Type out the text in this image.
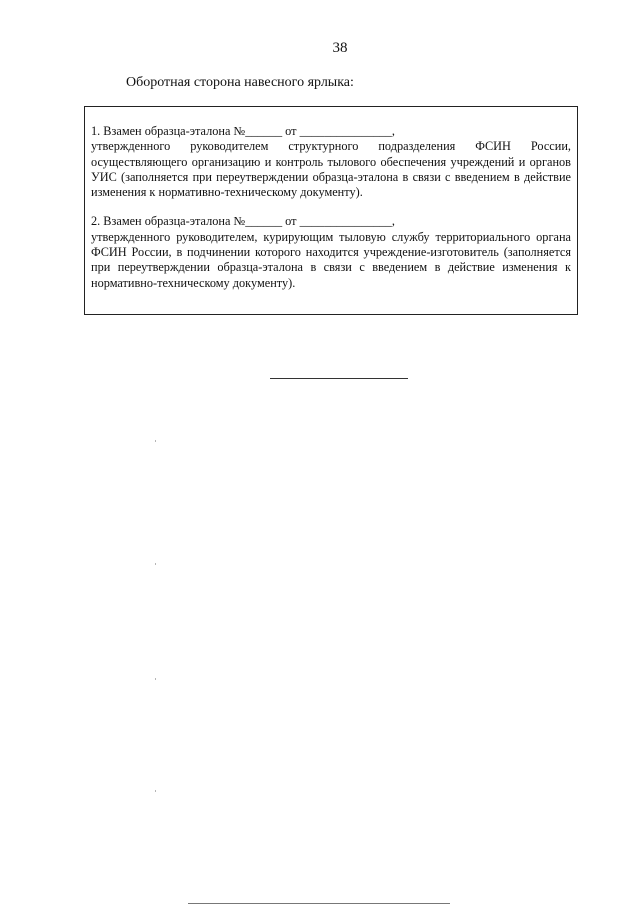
38
Оборотная сторона навесного ярлыка:
1. Взамен образца-эталона №______ от _______________,
утвержденного руководителем структурного подразделения ФСИН России, осуществляющего организацию и контроль тылового обеспечения учреждений и органов УИС (заполняется при переутверждении образца-эталона в связи с введением в действие изменения к нормативно-техническому документу).
2. Взамен образца-эталона №______ от _______________,
утвержденного руководителем, курирующим тыловую службу территориального органа ФСИН России, в подчинении которого находится учреждение-изготовитель (заполняется при переутверждении образца-эталона в связи с введением в действие изменения к нормативно-техническому документу).
